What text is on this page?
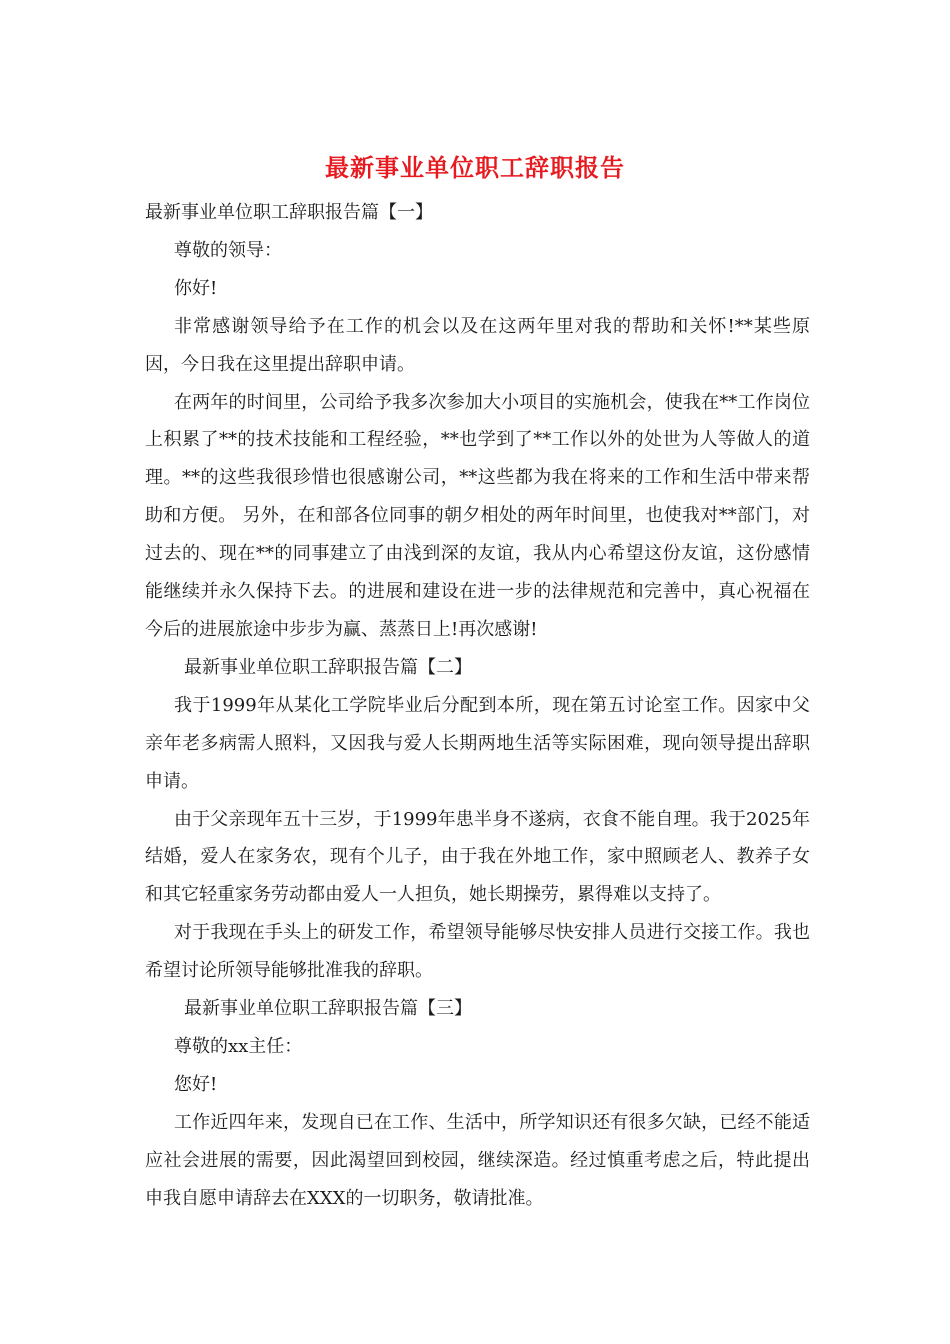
最新事业单位职工辞职报告

最新事业单位职工辞职报告篇【一】

尊敬的领导：

你好!

非常感谢领导给予在工作的机会以及在这两年里对我的帮助和关怀!**某些原因，今日我在这里提出辞职申请。

在两年的时间里，公司给予我多次参加大小项目的实施机会，使我在**工作岗位上积累了**的技术技能和工程经验，**也学到了**工作以外的处世为人等做人的道理。**的这些我很珍惜也很感谢公司，**这些都为我在将来的工作和生活中带来帮助和方便。 另外，在和部各位同事的朝夕相处的两年时间里，也使我对**部门，对过去的、现在**的同事建立了由浅到深的友谊，我从内心希望这份友谊，这份感情能继续并永久保持下去。的进展和建设在进一步的法律规范和完善中，真心祝福在今后的进展旅途中步步为赢、蒸蒸日上!再次感谢!

最新事业单位职工辞职报告篇【二】

我于1999年从某化工学院毕业后分配到本所，现在第五讨论室工作。因家中父亲年老多病需人照料，又因我与爱人长期两地生活等实际困难，现向领导提出辞职申请。

由于父亲现年五十三岁，于1999年患半身不遂病，衣食不能自理。我于2025年结婚，爱人在家务农，现有个儿子，由于我在外地工作，家中照顾老人、教养子女和其它轻重家务劳动都由爱人一人担负，她长期操劳，累得难以支持了。

对于我现在手头上的研发工作，希望领导能够尽快安排人员进行交接工作。我也希望讨论所领导能够批准我的辞职。

最新事业单位职工辞职报告篇【三】

尊敬的xx主任：

您好!

工作近四年来，发现自已在工作、生活中，所学知识还有很多欠缺，已经不能适应社会进展的需要，因此渴望回到校园，继续深造。经过慎重考虑之后，特此提出申我自愿申请辞去在XXX的一切职务，敬请批准。
